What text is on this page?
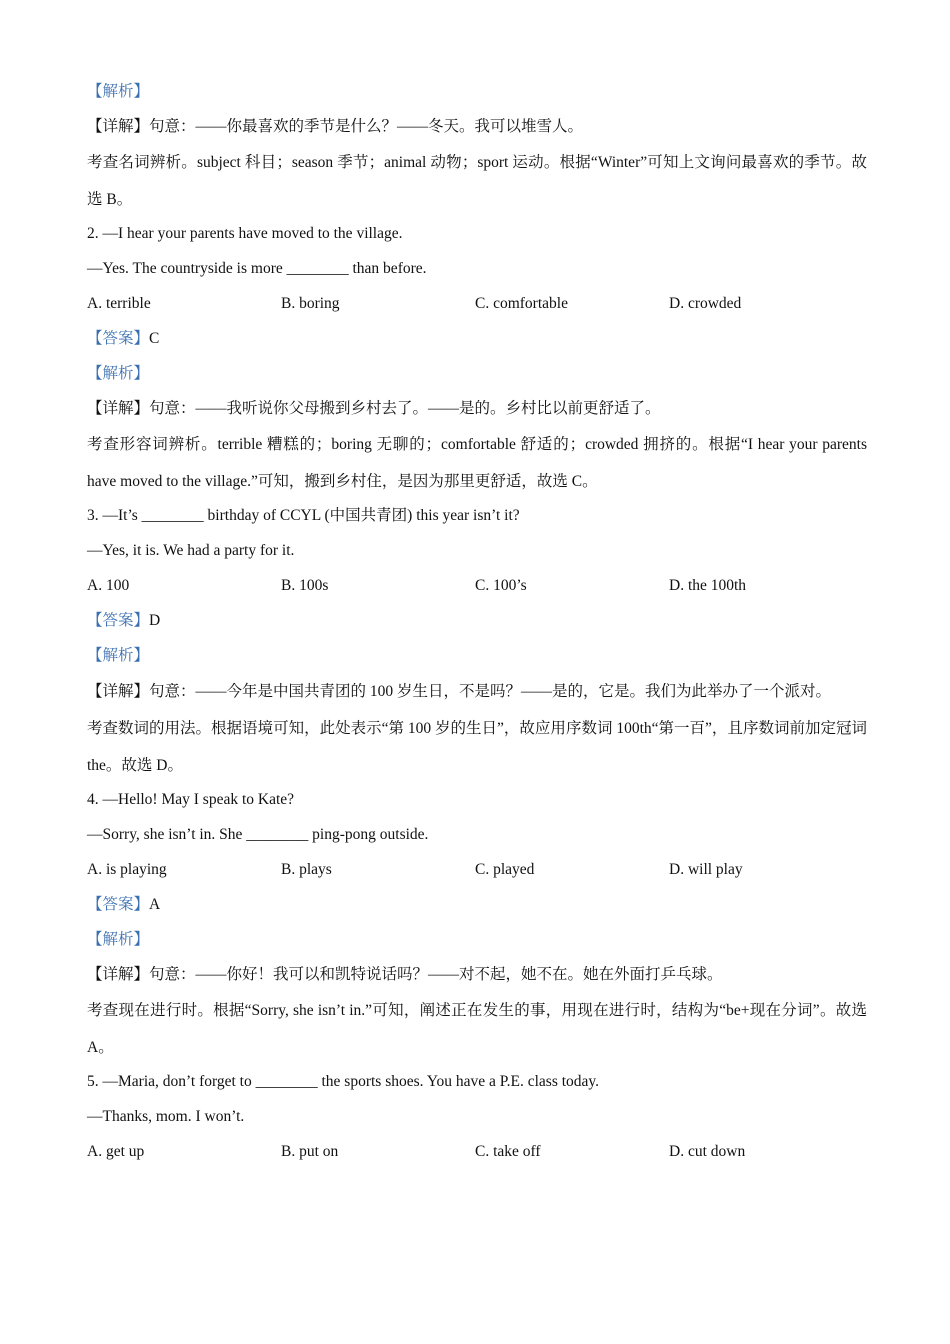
【解析】
【详解】句意：——你最喜欢的季节是什么？——冬天。我可以堆雪人。
考查名词辨析。subject 科目；season 季节；animal 动物；sport 运动。根据“Winter”可知上文询问最喜欢的季节。故选 B。
2. —I hear your parents have moved to the village.
—Yes. The countryside is more ________ than before.
A. terrible	B. boring	C. comfortable	D. crowded
【答案】C
【解析】
【详解】句意：——我听说你父母搬到乡村去了。——是的。乡村比以前更舒适了。
考查形容词辨析。terrible 糟糕的；boring 无聊的；comfortable 舒适的；crowded 拥挤的。根据“I hear your parents have moved to the village.”可知，搬到乡村住，是因为那里更舒适，故选 C。
3. —It’s ________ birthday of CCYL (中国共青团) this year isn’t it?
—Yes, it is. We had a party for it.
A. 100	B. 100s	C. 100’s	D. the 100th
【答案】D
【解析】
【详解】句意：——今年是中国共青团的 100 岁生日，不是吗？——是的，它是。我们为此举办了一个派对。
考查数词的用法。根据语境可知，此处表示“第 100 岁的生日”，故应用序数词 100th“第一百”，且序数词前加定冠词 the。故选 D。
4. —Hello! May I speak to Kate?
—Sorry, she isn’t in. She ________ ping-pong outside.
A. is playing	B. plays	C. played	D. will play
【答案】A
【解析】
【详解】句意：——你好！我可以和凯特说话吗？——对不起，她不在。她在外面打乒乓球。
考查现在进行时。根据“Sorry, she isn’t in.”可知，阐述正在发生的事，用现在进行时，结构为“be+现在分词”。故选 A。
5. —Maria, don’t forget to ________ the sports shoes. You have a P.E. class today.
—Thanks, mom. I won’t.
A. get up	B. put on	C. take off	D. cut down
